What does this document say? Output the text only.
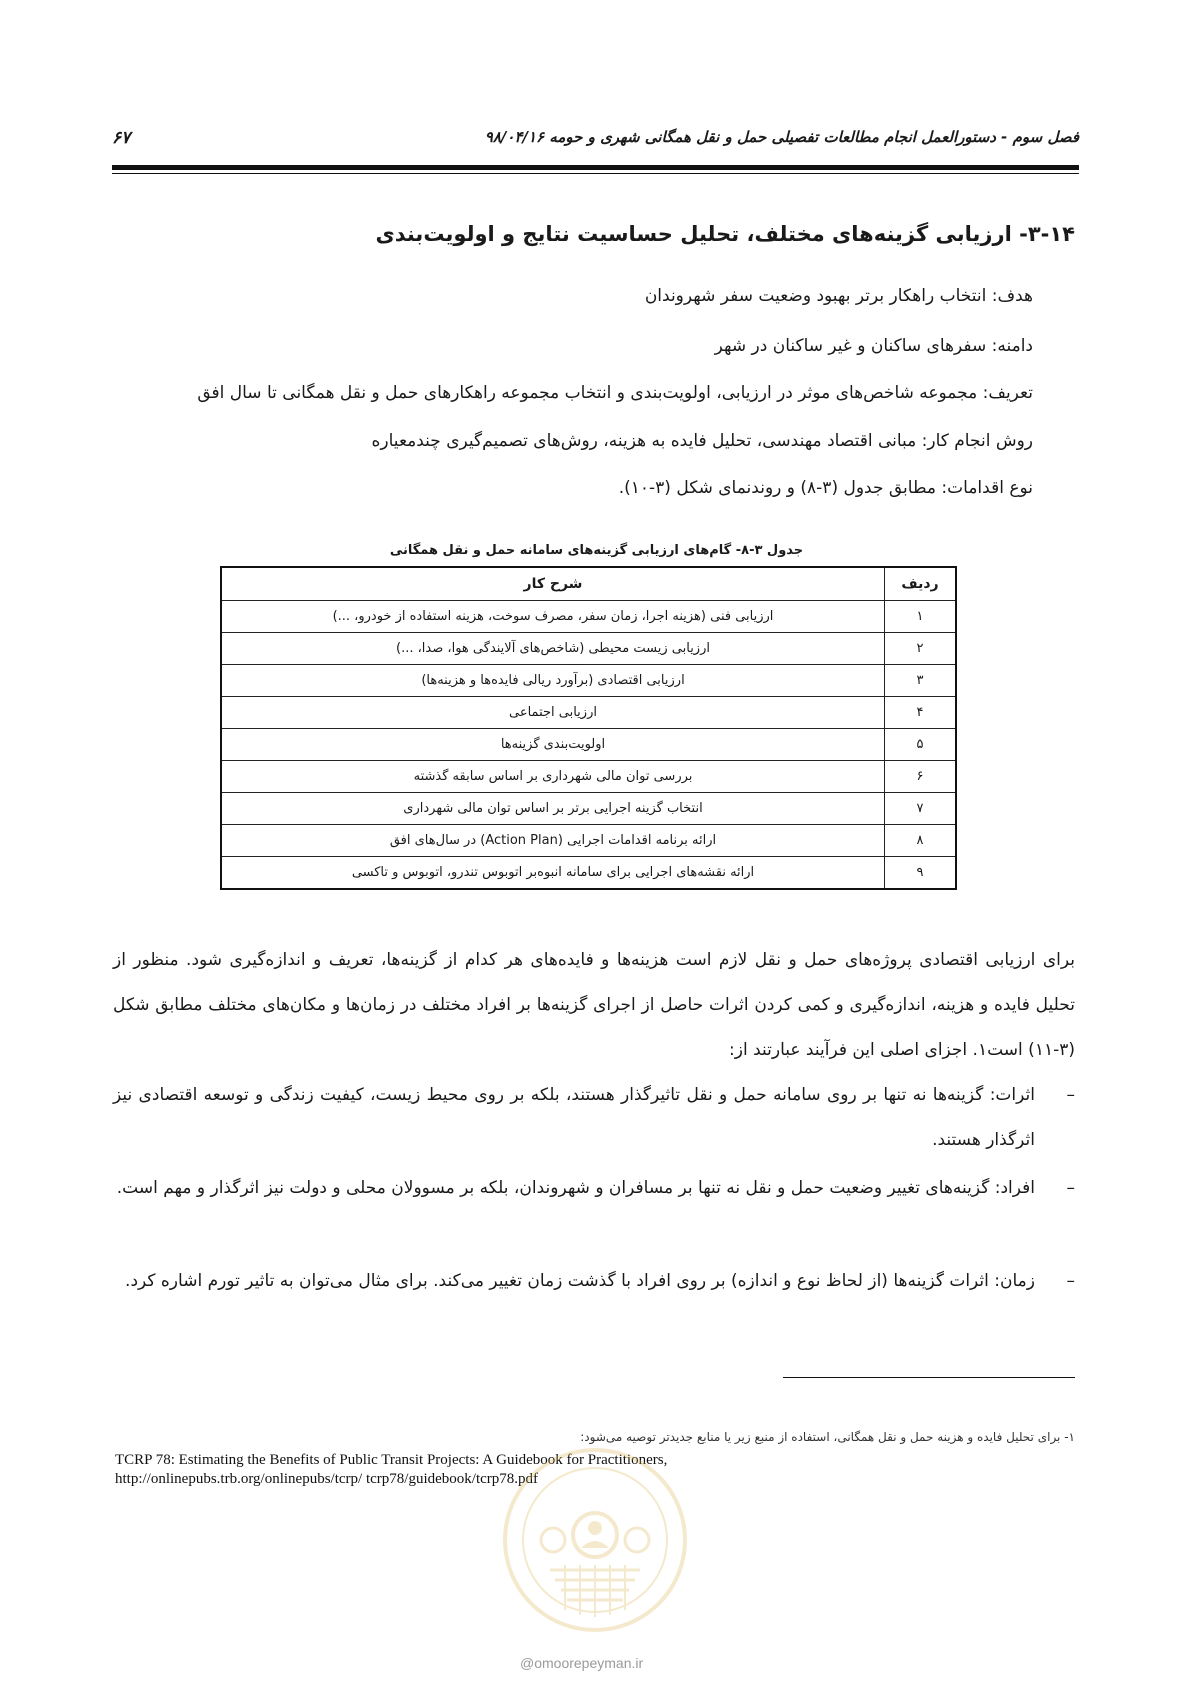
۶۷	فصل سوم - دستورالعمل انجام مطالعات تفصیلی حمل و نقل همگانی شهری و حومه ۹۸/۰۴/۱۶
۳-۱۴- ارزیابی گزینه‌های مختلف، تحلیل حساسیت نتایج و اولویت‌بندی
هدف: انتخاب راهکار برتر بهبود وضعیت سفر شهروندان
دامنه: سفرهای ساکنان و غیر ساکنان در شهر
تعریف: مجموعه شاخص‌های موثر در ارزیابی، اولویت‌بندی و انتخاب مجموعه راهکارهای حمل و نقل همگانی تا سال افق
روش انجام کار: مبانی اقتصاد مهندسی، تحلیل فایده به هزینه، روش‌های تصمیم‌گیری چندمعیاره
نوع اقدامات: مطابق جدول (۳-۸) و روندنمای شکل (۳-۱۰).
جدول ۳-۸- گام‌های ارزیابی گزینه‌های سامانه حمل و نقل همگانی
ردیف	شرح کار
۱	ارزیابی فنی (هزینه اجرا، زمان سفر، مصرف سوخت، هزینه استفاده از خودرو، ...)
۲	ارزیابی زیست محیطی (شاخص‌های آلایندگی هوا، صدا، ...)
۳	ارزیابی اقتصادی (برآورد ریالی فایده‌ها و هزینه‌ها)
۴	ارزیابی اجتماعی
۵	اولویت‌بندی گزینه‌ها
۶	بررسی توان مالی شهرداری بر اساس سابقه گذشته
۷	انتخاب گزینه اجرایی برتر بر اساس توان مالی شهرداری
۸	ارائه برنامه اقدامات اجرایی (Action Plan) در سال‌های افق
۹	ارائه نقشه‌های اجرایی برای سامانه انبوه‌بر اتوبوس تندرو، اتوبوس و تاکسی
برای ارزیابی اقتصادی پروژه‌های حمل و نقل لازم است هزینه‌ها و فایده‌های هر کدام از گزینه‌ها، تعریف و اندازه‌گیری شود. منظور از تحلیل فایده و هزینه، اندازه‌گیری و کمی کردن اثرات حاصل از اجرای گزینه‌ها بر افراد مختلف در زمان‌ها و مکان‌های مختلف مطابق شکل (۳-۱۱) است۱. اجزای اصلی این فرآیند عبارتند از:
–
اثرات: گزینه‌ها نه تنها بر روی سامانه حمل و نقل تاثیرگذار هستند، بلکه بر روی محیط زیست، کیفیت زندگی و توسعه اقتصادی نیز اثرگذار هستند.
–
افراد: گزینه‌های تغییر وضعیت حمل و نقل نه تنها بر مسافران و شهروندان، بلکه بر مسوولان محلی و دولت نیز اثرگذار و مهم است.
–
زمان: اثرات گزینه‌ها (از لحاظ نوع و اندازه) بر روی افراد با گذشت زمان تغییر می‌کند. برای مثال می‌توان به تاثیر تورم اشاره کرد.
۱- برای تحلیل فایده و هزینه حمل و نقل همگانی، استفاده از منبع زیر یا منابع جدیدتر توصیه می‌شود:
TCRP 78: Estimating the Benefits of Public Transit Projects: A Guidebook for Practitioners,
http://onlinepubs.trb.org/onlinepubs/tcrp/ tcrp78/guidebook/tcrp78.pdf
@omoorepeyman.ir
